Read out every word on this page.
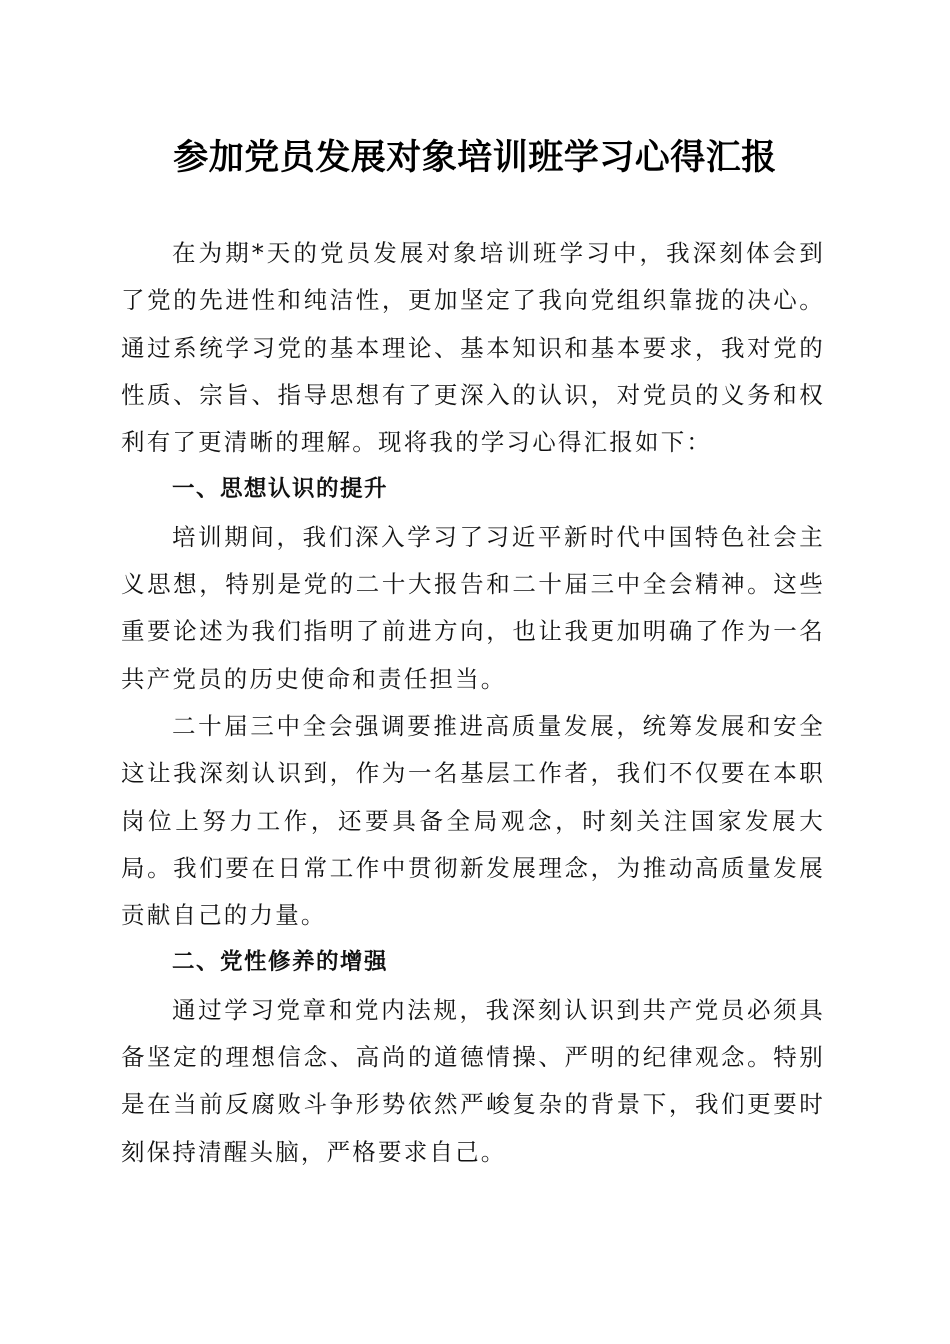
参加党员发展对象培训班学习心得汇报

在为期*天的党员发展对象培训班学习中，我深刻体会到了党的先进性和纯洁性，更加坚定了我向党组织靠拢的决心。通过系统学习党的基本理论、基本知识和基本要求，我对党的性质、宗旨、指导思想有了更深入的认识，对党员的义务和权利有了更清晰的理解。现将我的学习心得汇报如下：

一、思想认识的提升

培训期间，我们深入学习了习近平新时代中国特色社会主义思想，特别是党的二十大报告和二十届三中全会精神。这些重要论述为我们指明了前进方向，也让我更加明确了作为一名共产党员的历史使命和责任担当。

二十届三中全会强调要推进高质量发展，统筹发展和安全这让我深刻认识到，作为一名基层工作者，我们不仅要在本职岗位上努力工作，还要具备全局观念，时刻关注国家发展大局。我们要在日常工作中贯彻新发展理念，为推动高质量发展贡献自己的力量。

二、党性修养的增强

通过学习党章和党内法规，我深刻认识到共产党员必须具备坚定的理想信念、高尚的道德情操、严明的纪律观念。特别是在当前反腐败斗争形势依然严峻复杂的背景下，我们更要时刻保持清醒头脑，严格要求自己。
